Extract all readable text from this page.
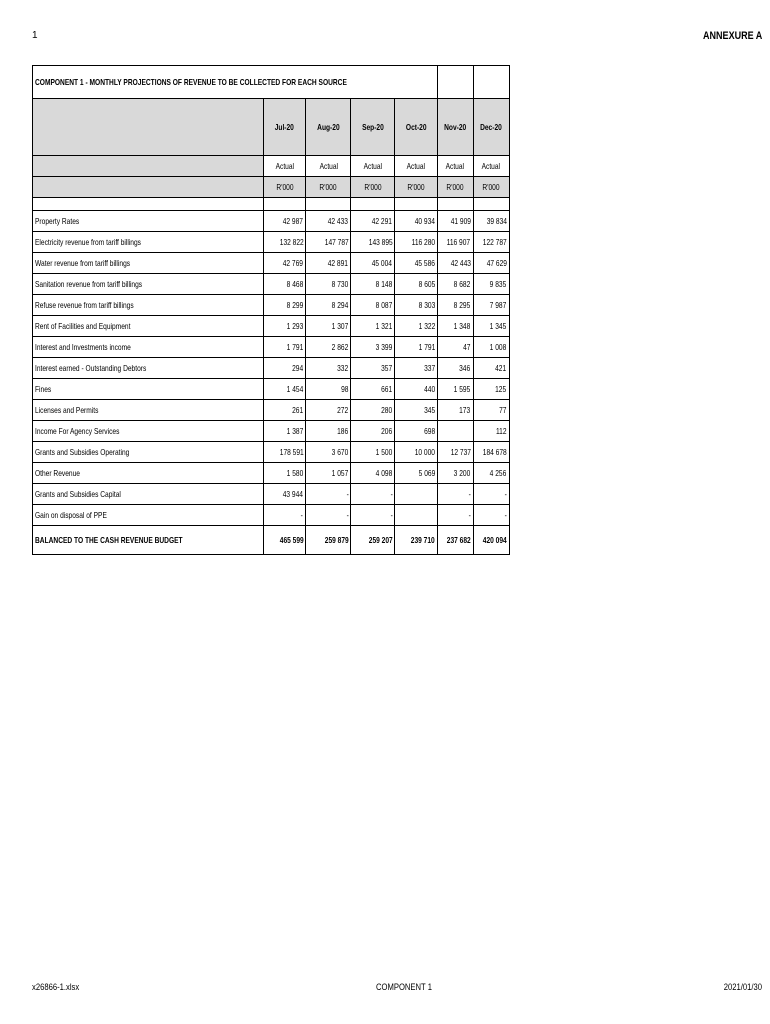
1	ANNEXURE A
COMPONENT 1 - MONTHLY PROJECTIONS OF REVENUE TO BE COLLECTED FOR EACH SOURCE						
	Jul-20	Aug-20	Sep-20	Oct-20	Nov-20	Dec-20
	Actual	Actual	Actual	Actual	Actual	Actual
	R'000	R'000	R'000	R'000	R'000	R'000

Property Rates	42 987	42 433	42 291	40 934	41 909	39 834
Electricity revenue from tariff billings	132 822	147 787	143 895	116 280	116 907	122 787
Water revenue from tariff billings	42 769	42 891	45 004	45 586	42 443	47 629
Sanitation revenue from tariff billings	8 468	8 730	8 148	8 605	8 682	9 835
Refuse revenue from tariff billings	8 299	8 294	8 087	8 303	8 295	7 987
Rent of Facilities and Equipment	1 293	1 307	1 321	1 322	1 348	1 345
Interest and Investments income	1 791	2 862	3 399	1 791	47	1 008
Interest earned - Outstanding Debtors	294	332	357	337	346	421
Fines	1 454	98	661	440	1 595	125
Licenses and Permits	261	272	280	345	173	77
Income For Agency Services	1 387	186	206	698		112
Grants and Subsidies Operating	178 591	3 670	1 500	10 000	12 737	184 678
Other Revenue	1 580	1 057	4 098	5 069	3 200	4 256
Grants and Subsidies Capital	43 944	-	-		-	-
Gain on disposal of PPE	-	-	-		-	-
BALANCED TO THE CASH REVENUE BUDGET	465 599	259 879	259 207	239 710	237 682	420 094
x26866-1.xlsx	COMPONENT 1	2021/01/30
